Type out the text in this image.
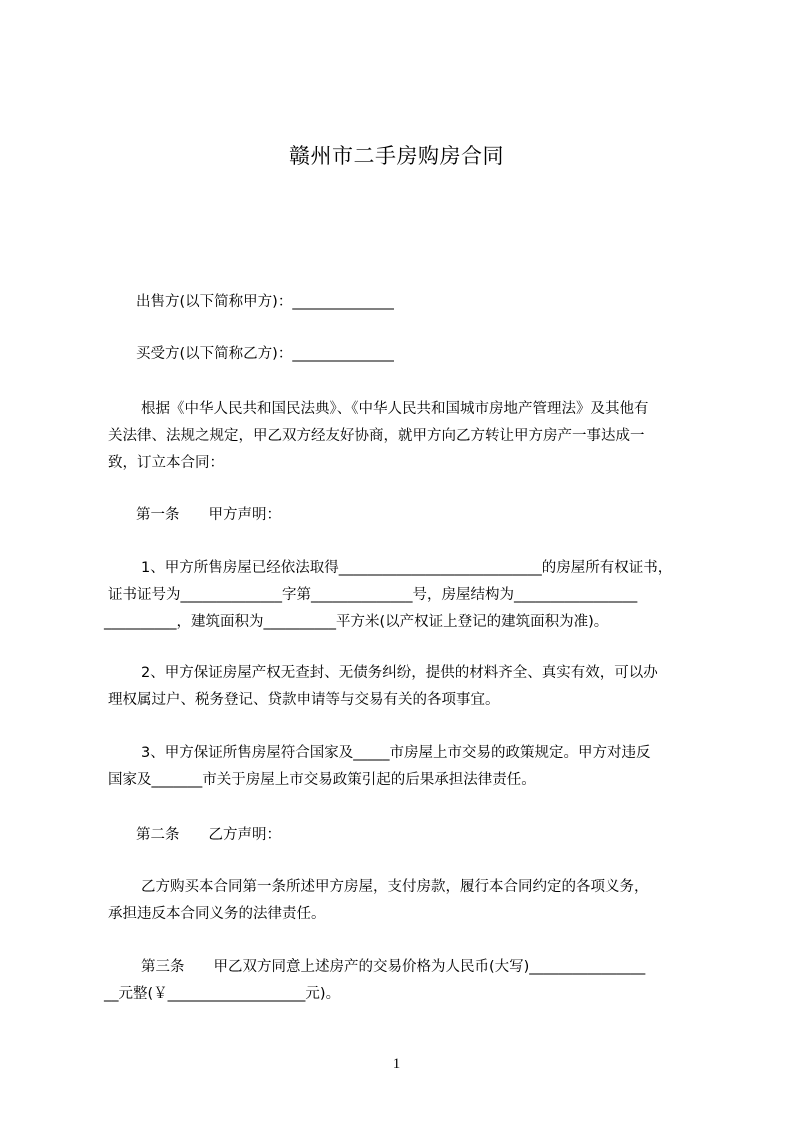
赣州市二手房购房合同
出售方(以下简称甲方)：______________
买受方(以下简称乙方)：______________
根据《中华人民共和国民法典》、《中华人民共和国城市房地产管理法》及其他有
关法律、法规之规定，甲乙双方经友好协商，就甲方向乙方转让甲方房产一事达成一
致，订立本合同：
第一条　　甲方声明：
1、甲方所售房屋已经依法取得____________________________的房屋所有权证书，
证书证号为______________字第______________号，房屋结构为_________________
__________，建筑面积为__________平方米(以产权证上登记的建筑面积为准)。
2、甲方保证房屋产权无查封、无债务纠纷，提供的材料齐全、真实有效，可以办
理权属过户、税务登记、贷款申请等与交易有关的各项事宜。
3、甲方保证所售房屋符合国家及_____市房屋上市交易的政策规定。甲方对违反
国家及_______市关于房屋上市交易政策引起的后果承担法律责任。
第二条　　乙方声明：
乙方购买本合同第一条所述甲方房屋，支付房款，履行本合同约定的各项义务，
承担违反本合同义务的法律责任。
第三条　　甲乙双方同意上述房产的交易价格为人民币(大写)________________
__元整(￥___________________元)。
1
